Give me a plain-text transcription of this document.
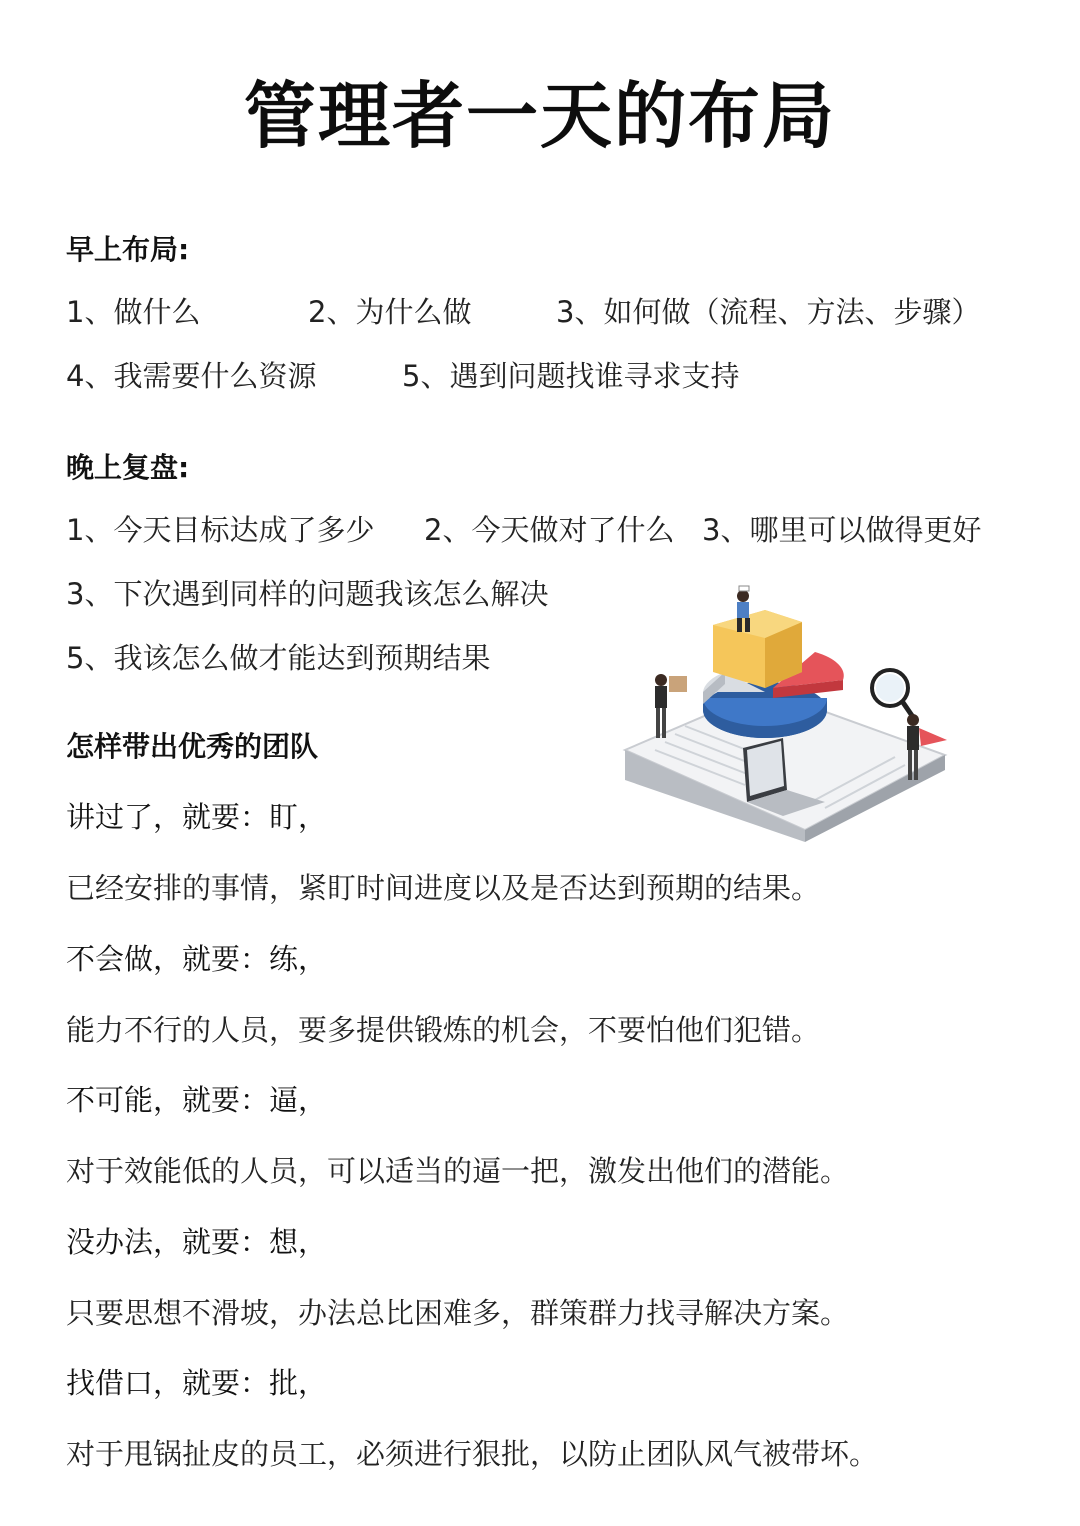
管理者一天的布局
早上布局:
1、做什么	2、为什么做	3、如何做（流程、方法、步骤）
4、我需要什么资源	5、遇到问题找谁寻求支持
晚上复盘:
1、今天目标达成了多少 2、今天做对了什么 3、哪里可以做得更好
3、下次遇到同样的问题我该怎么解决
5、我该怎么做才能达到预期结果
怎样带出优秀的团队
讲过了，就要：盯，
已经安排的事情，紧盯时间进度以及是否达到预期的结果。
不会做，就要：练，
能力不行的人员，要多提供锻炼的机会，不要怕他们犯错。
不可能，就要：逼，
对于效能低的人员，可以适当的逼一把，激发出他们的潜能。
没办法，就要：想，
只要思想不滑坡，办法总比困难多，群策群力找寻解决方案。
找借口，就要：批，
对于甩锅扯皮的员工，必须进行狠批，以防止团队风气被带坏。
